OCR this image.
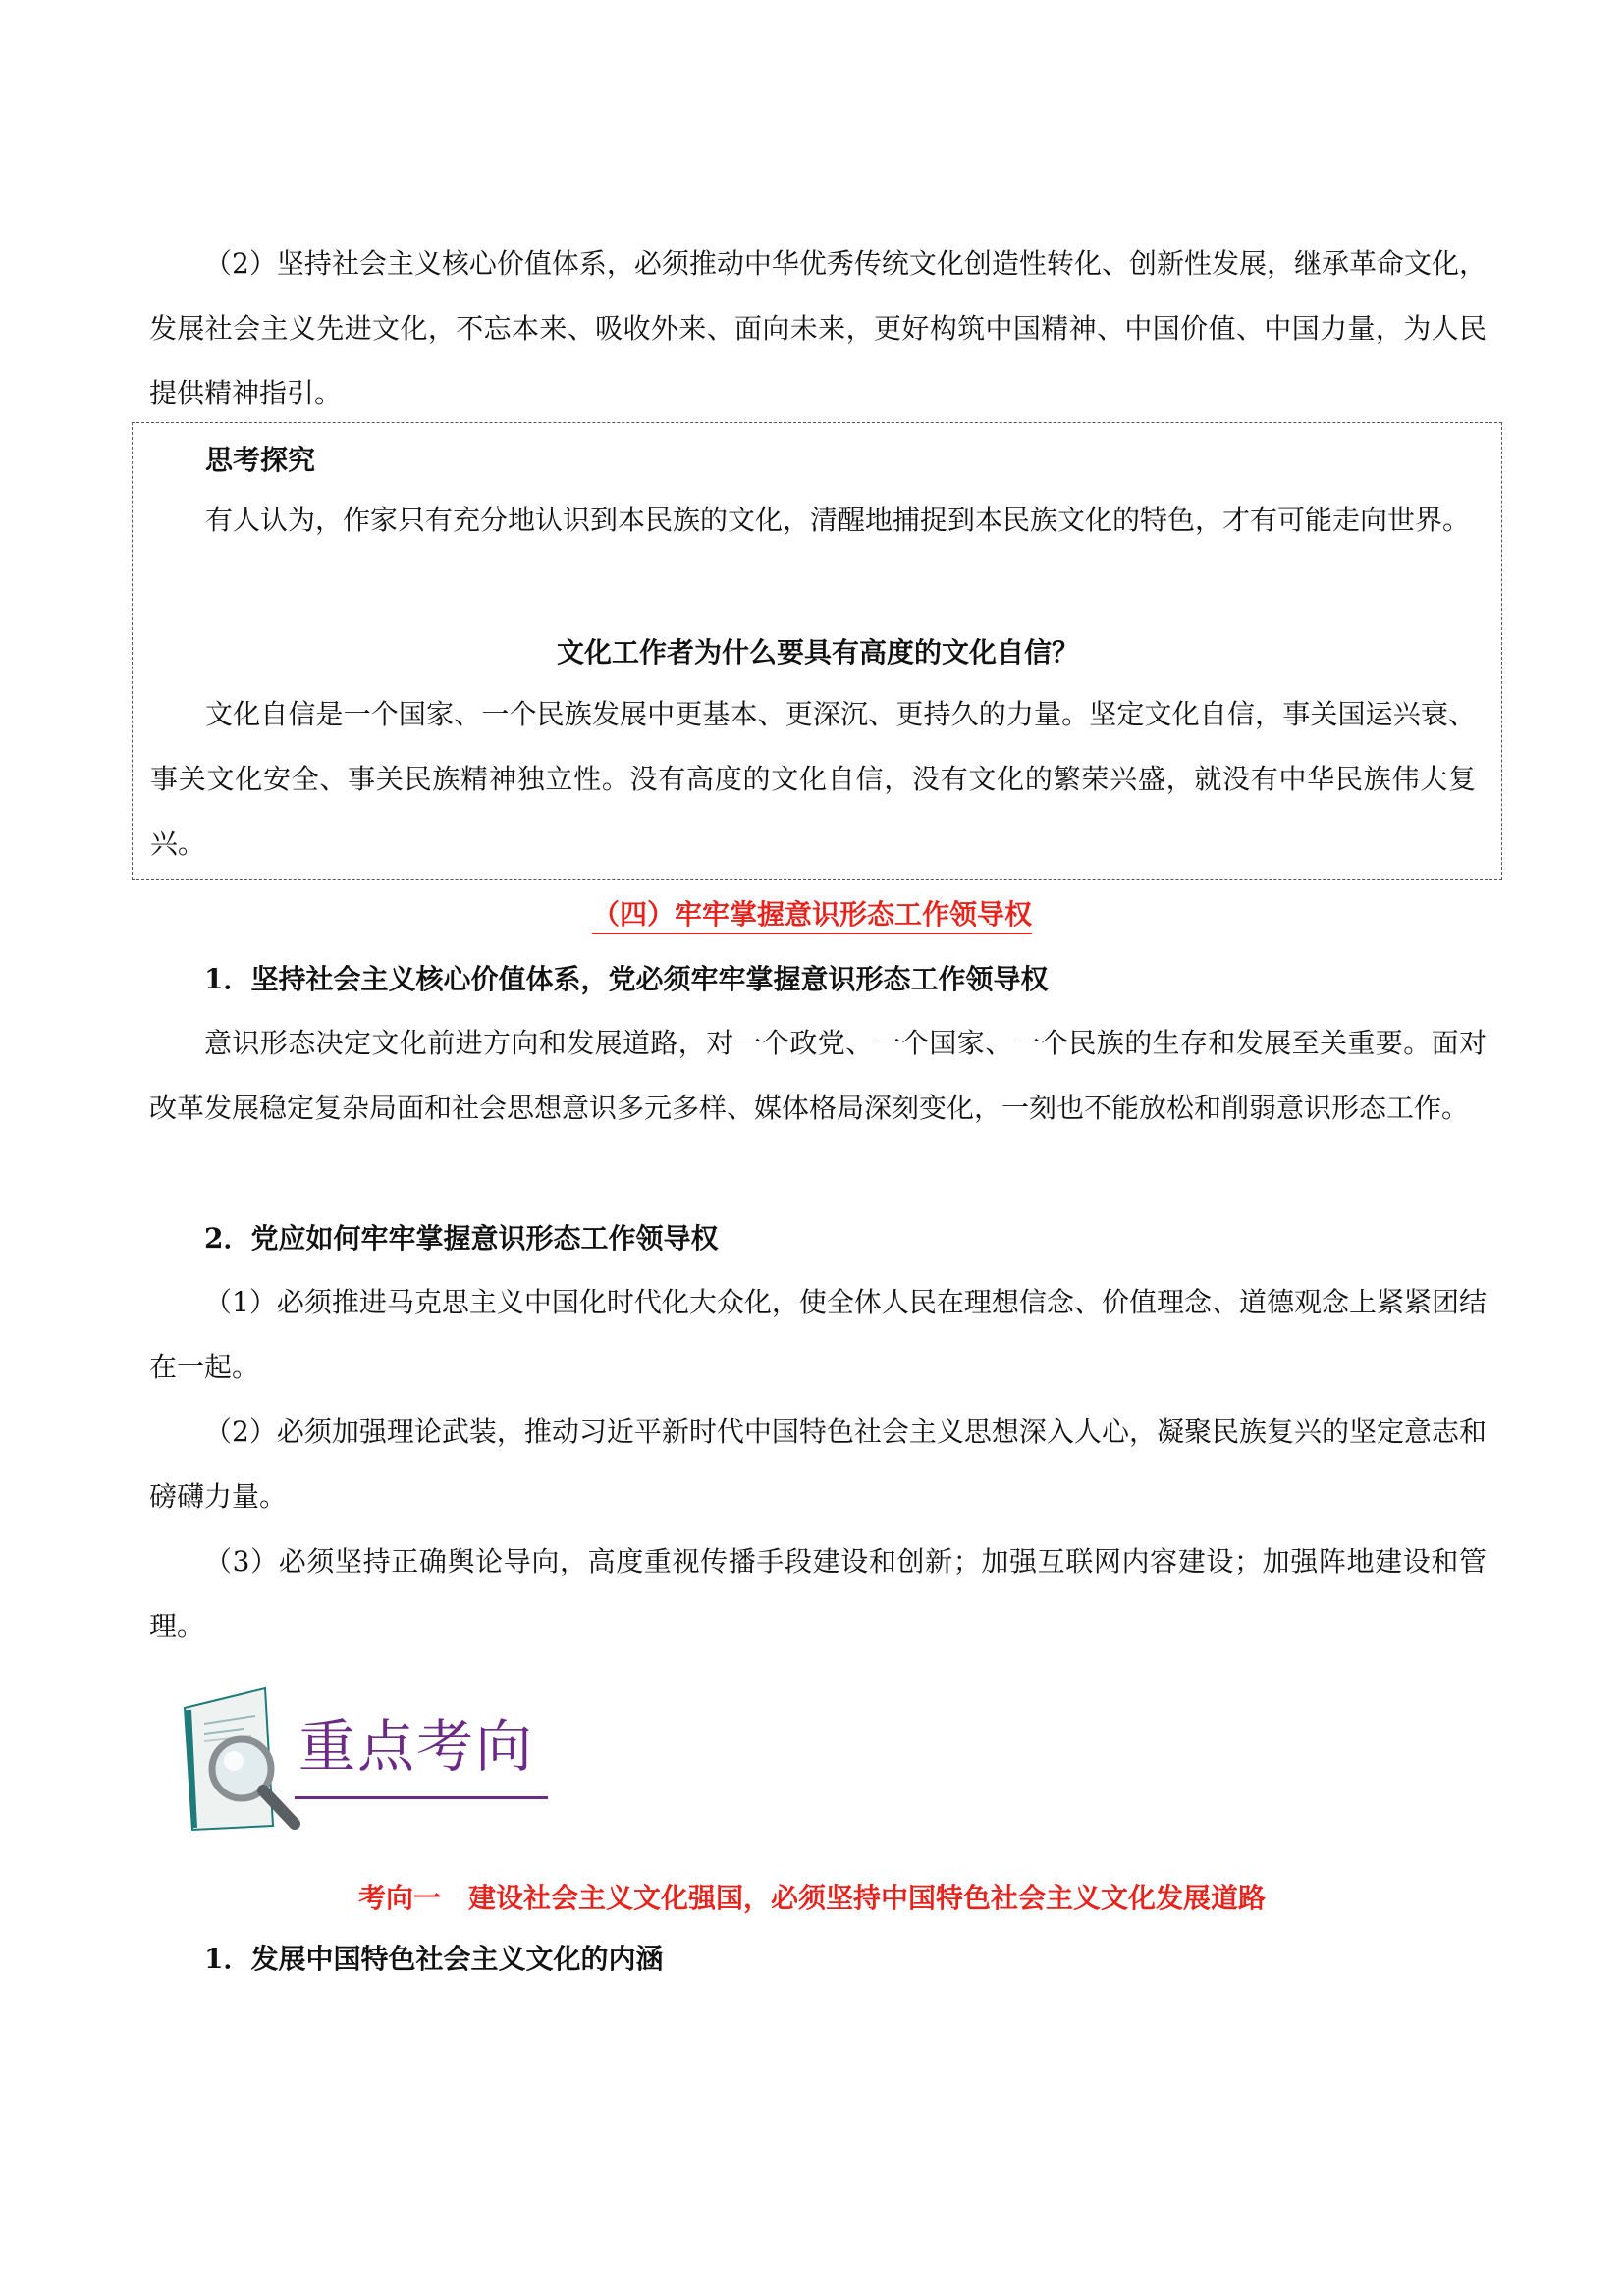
（2）坚持社会主义核心价值体系，必须推动中华优秀传统文化创造性转化、创新性发展，继承革命文化，发展社会主义先进文化，不忘本来、吸收外来、面向未来，更好构筑中国精神、中国价值、中国力量，为人民提供精神指引。

思考探究

有人认为，作家只有充分地认识到本民族的文化，清醒地捕捉到本民族文化的特色，才有可能走向世界。

文化工作者为什么要具有高度的文化自信？

文化自信是一个国家、一个民族发展中更基本、更深沉、更持久的力量。坚定文化自信，事关国运兴衰、事关文化安全、事关民族精神独立性。没有高度的文化自信，没有文化的繁荣兴盛，就没有中华民族伟大复兴。

（四）牢牢掌握意识形态工作领导权

1．坚持社会主义核心价值体系，党必须牢牢掌握意识形态工作领导权

意识形态决定文化前进方向和发展道路，对一个政党、一个国家、一个民族的生存和发展至关重要。面对改革发展稳定复杂局面和社会思想意识多元多样、媒体格局深刻变化，一刻也不能放松和削弱意识形态工作。

2．党应如何牢牢掌握意识形态工作领导权

（1）必须推进马克思主义中国化时代化大众化，使全体人民在理想信念、价值理念、道德观念上紧紧团结在一起。

（2）必须加强理论武装，推动习近平新时代中国特色社会主义思想深入人心，凝聚民族复兴的坚定意志和磅礴力量。

（3）必须坚持正确舆论导向，高度重视传播手段建设和创新；加强互联网内容建设；加强阵地建设和管理。

重点考向

考向一　建设社会主义文化强国，必须坚持中国特色社会主义文化发展道路

1．发展中国特色社会主义文化的内涵
